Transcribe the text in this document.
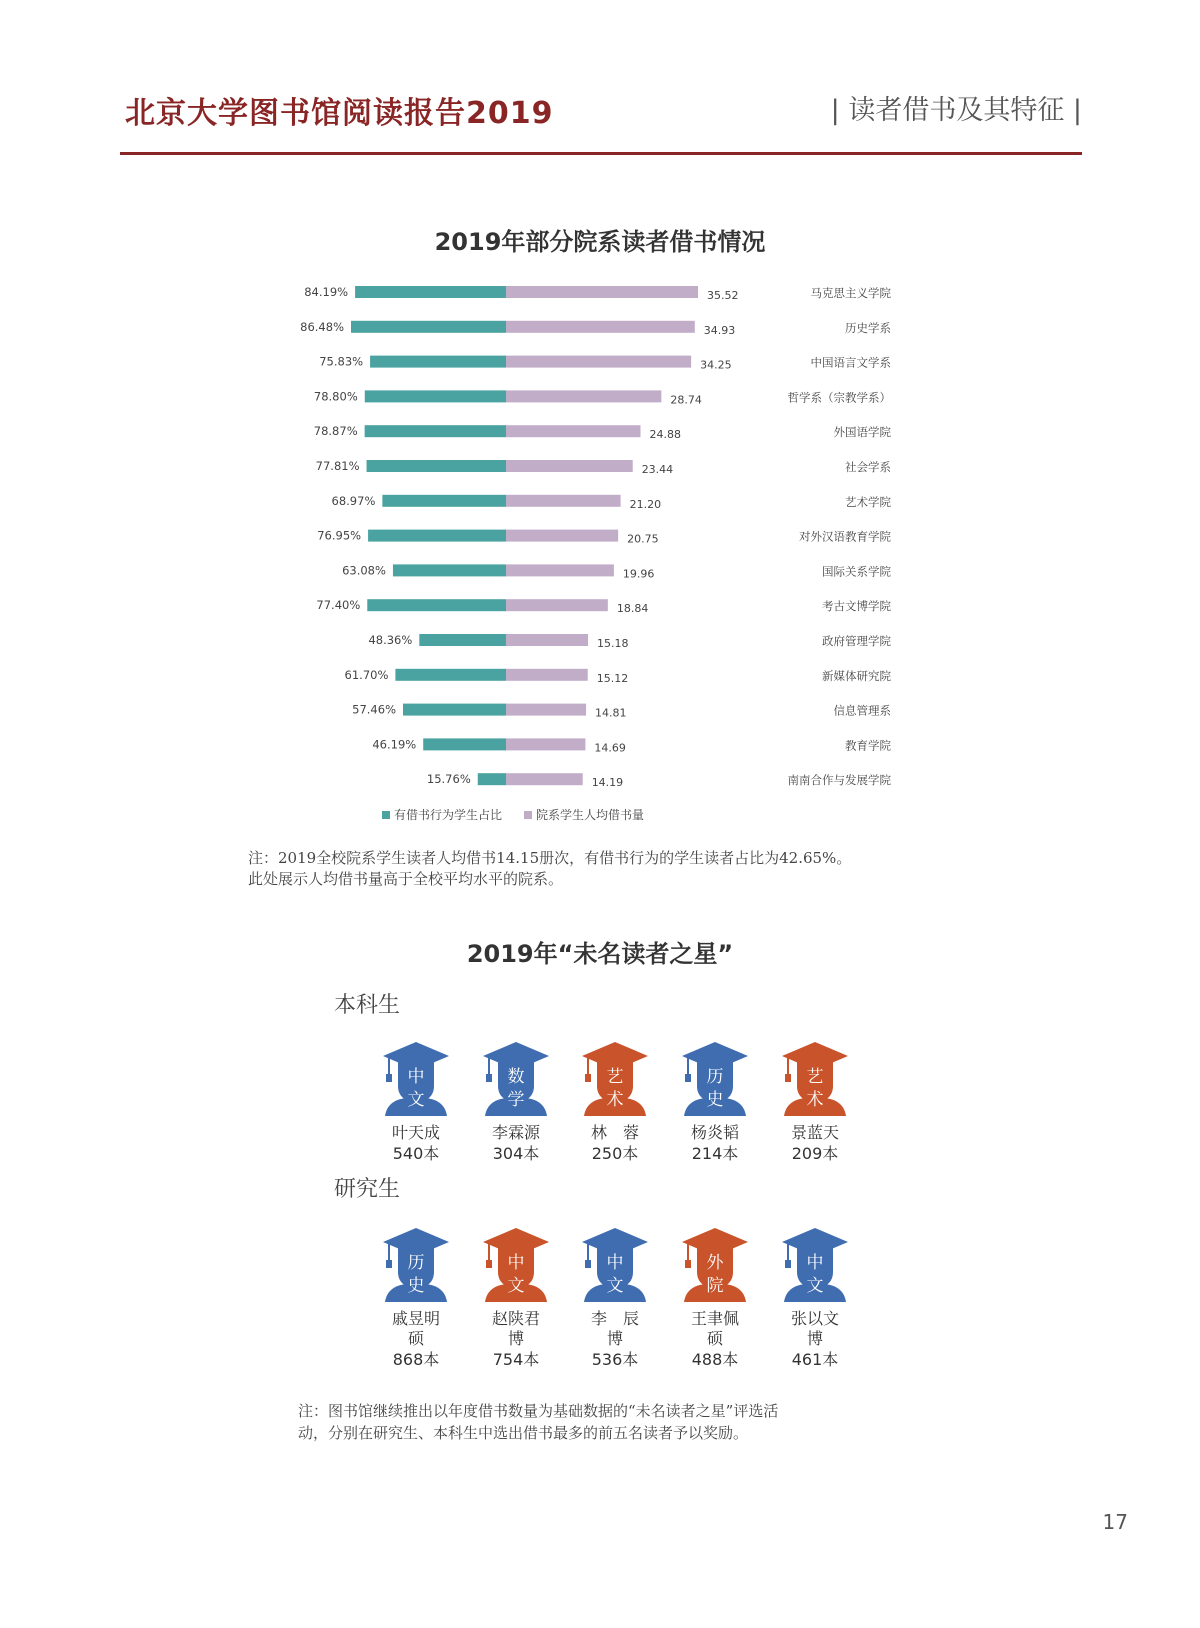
北京大学图书馆阅读报告2019	| 读者借书及其特征 |
2019年部分院系读者借书情况
84.19%	35.52	马克思主义学院
86.48%	34.93	历史学系
75.83%	34.25	中国语言文学系
78.80%	28.74	哲学系（宗教学系）
78.87%	24.88	外国语学院
77.81%	23.44	社会学系
68.97%	21.20	艺术学院
76.95%	20.75	对外汉语教育学院
63.08%	19.96	国际关系学院
77.40%	18.84	考古文博学院
48.36%	15.18	政府管理学院
61.70%	15.12	新媒体研究院
57.46%	14.81	信息管理系
46.19%	14.69	教育学院
15.76%	14.19	南南合作与发展学院
有借书行为学生占比	院系学生人均借书量
注：2019全校院系学生读者人均借书14.15册次，有借书行为的学生读者占比为42.65%。
此处展示人均借书量高于全校平均水平的院系。
2019年“未名读者之星”
本科生
中
文
叶天成
540本
数
学
李霖源
304本
艺
术
林　蓉
250本
历
史
杨炎韬
214本
艺
术
景蓝天
209本
研究生
历
史
戚昱明
硕
868本
中
文
赵陕君
博
754本
中
文
李　辰
博
536本
外
院
王聿佩
硕
488本
中
文
张以文
博
461本
注：图书馆继续推出以年度借书数量为基础数据的“未名读者之星”评选活
动，分别在研究生、本科生中选出借书最多的前五名读者予以奖励。
17
